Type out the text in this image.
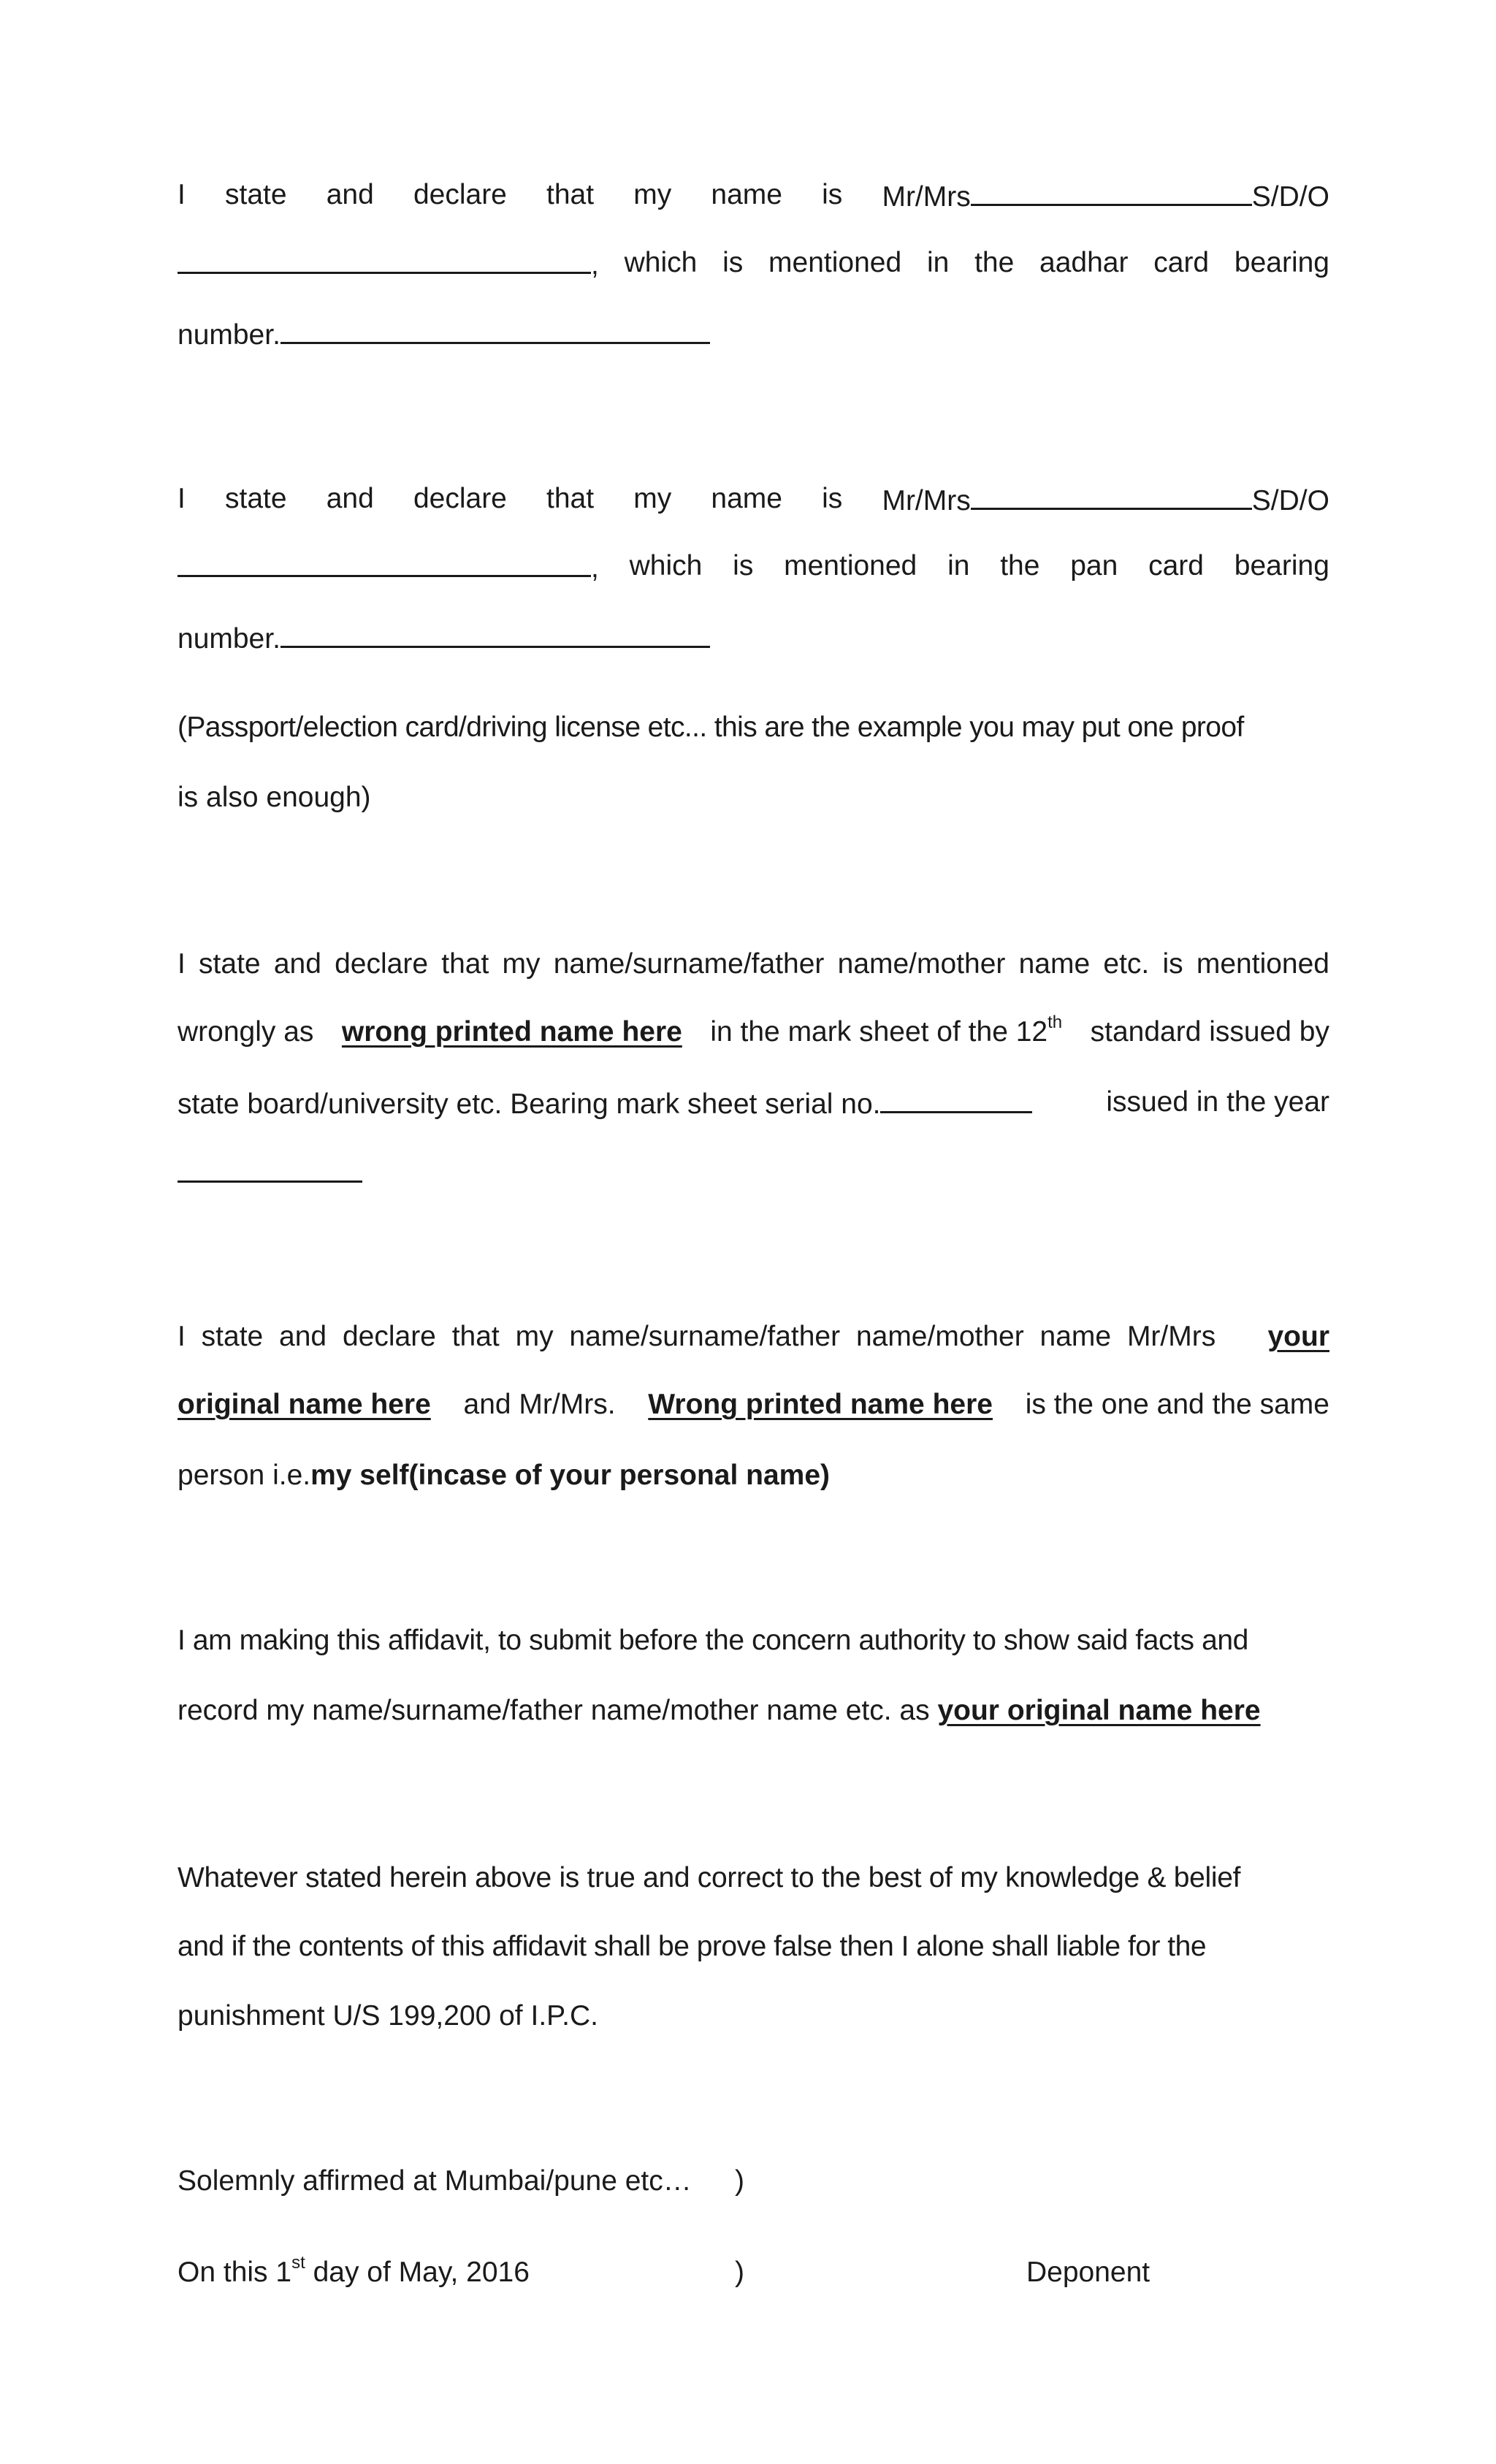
I state and declare that my name is Mr/Mrs	S/D/O
, which is mentioned in the aadhar card bearing
number.
I state and declare that my name is Mr/Mrs	S/D/O
, which is mentioned in the pan card bearing
number.
(Passport/election card/driving license etc... this are the example you may put one proof
is also enough)
I state and declare that my name/surname/father name/mother name etc. is mentioned
wrongly as wrong printed name here in the mark sheet of the 12th standard issued by
state board/university etc. Bearing mark sheet serial no.	issued in the year
I state and declare that my name/surname/father name/mother name Mr/Mrs your
original name here and Mr/Mrs. Wrong printed name here is the one and the same
person i.e.my self(incase of your personal name)
I am making this affidavit, to submit before the concern authority to show said facts and
record my name/surname/father name/mother name etc. as your original name here
Whatever stated herein above is true and correct to the best of my knowledge & belief
and if the contents of this affidavit shall be prove false then I alone shall liable for the
punishment U/S 199,200 of I.P.C.
Solemnly affirmed at Mumbai/pune etc… )
On this 1st day of May, 2016	)	Deponent
